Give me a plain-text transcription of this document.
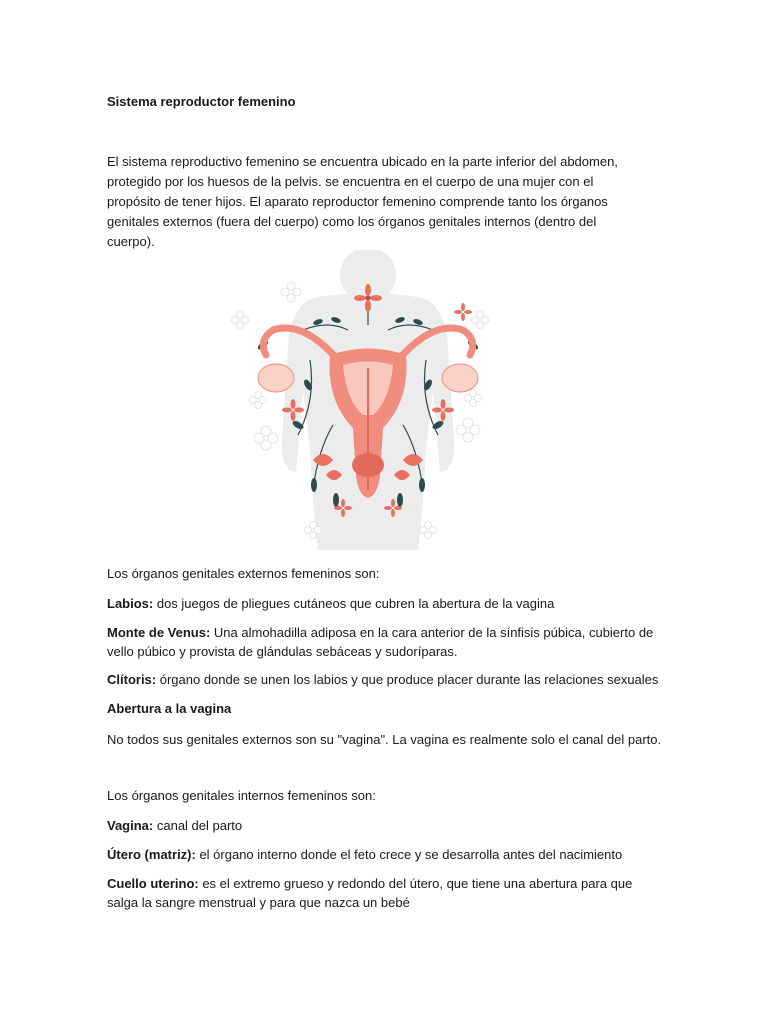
Sistema reproductor femenino

El sistema reproductivo femenino se encuentra ubicado en la parte inferior del abdomen, protegido por los huesos de la pelvis. se encuentra en el cuerpo de una mujer con el propósito de tener hijos. El aparato reproductor femenino comprende tanto los órganos genitales externos (fuera del cuerpo) como los órganos genitales internos (dentro del cuerpo).

Los órganos genitales externos femeninos son:

Labios: dos juegos de pliegues cutáneos que cubren la abertura de la vagina

Monte de Venus: Una almohadilla adiposa en la cara anterior de la sínfisis púbica, cubierto de vello púbico y provista de glándulas sebáceas y sudoríparas.

Clítoris: órgano donde se unen los labios y que produce placer durante las relaciones sexuales

Abertura a la vagina

No todos sus genitales externos son su "vagina". La vagina es realmente solo el canal del parto.

Los órganos genitales internos femeninos son:

Vagina: canal del parto

Útero (matriz): el órgano interno donde el feto crece y se desarrolla antes del nacimiento

Cuello uterino: es el extremo grueso y redondo del útero, que tiene una abertura para que salga la sangre menstrual y para que nazca un bebé
